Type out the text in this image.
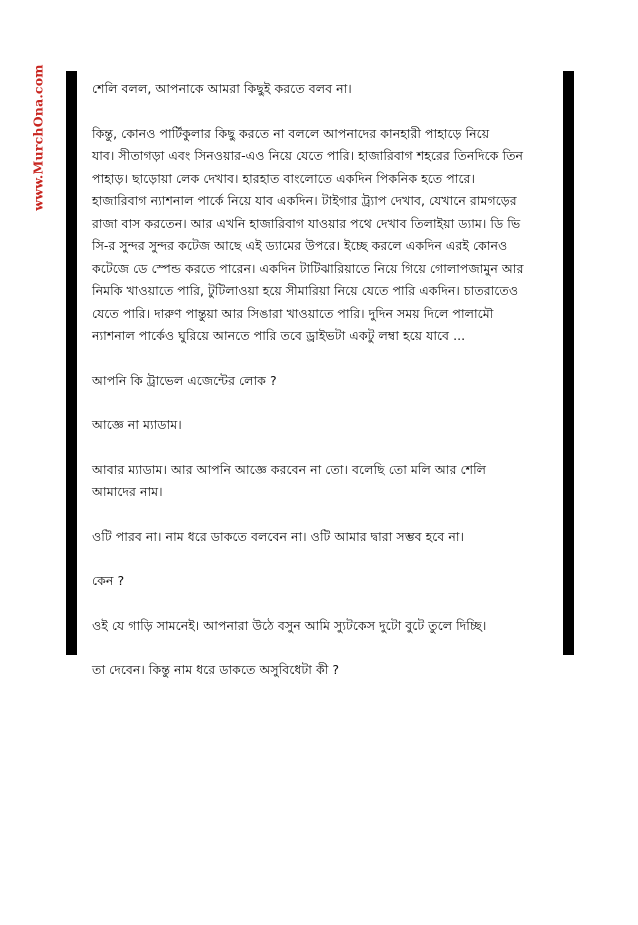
www.MurchOna.com	শেলি বলল, আপনাকে আমরা কিছুই করতে বলব না।

কিন্তু, কোনও পার্টিকুলার কিছু করতে না বললে আপনাদের কানহারী পাহাড়ে নিয়ে
যাব। সীতাগড়া এবং সিনওয়ার-এও নিয়ে যেতে পারি। হাজারিবাগ শহরের তিনদিকে তিন
পাহাড়। ছাড়োয়া লেক দেখাব। হারহাত বাংলোতে একদিন পিকনিক হতে পারে।
হাজারিবাগ ন্যাশনাল পার্কে নিয়ে যাব একদিন। টাইগার ট্র্যাপ দেখাব, যেখানে রামগড়ের
রাজা বাস করতেন। আর এখনি হাজারিবাগ যাওয়ার পথে দেখাব তিলাইয়া ড্যাম। ডি ভি
সি-র সুন্দর সুন্দর কটেজ আছে এই ড্যামের উপরে। ইচ্ছে করলে একদিন এরই কোনও
কটেজে ডে স্পেন্ড করতে পারেন। একদিন টাটিঝারিয়াতে নিয়ে গিয়ে গোলাপজামুন আর
নিমকি খাওয়াতে পারি, টুটিলাওয়া হয়ে সীমারিয়া নিয়ে যেতে পারি একদিন। চাতরাতেও
যেতে পারি। দারুণ পান্তুয়া আর সিঙারা খাওয়াতে পারি। দুদিন সময় দিলে পালামৌ
ন্যাশনাল পার্কেও ঘুরিয়ে আনতে পারি তবে ড্রাইভটা একটু লম্বা হয়ে যাবে ...

আপনি কি ট্রাভেল এজেন্টের লোক ?

আজ্ঞে না ম্যাডাম।

আবার ম্যাডাম। আর আপনি আজ্ঞে করবেন না তো। বলেছি তো মলি আর শেলি
আমাদের নাম।

ওটি পারব না। নাম ধরে ডাকতে বলবেন না। ওটি আমার দ্বারা সম্ভব হবে না।

কেন ?

ওই যে গাড়ি সামনেই। আপনারা উঠে বসুন আমি স্যুটকেস দুটো বুটে তুলে দিচ্ছি।

তা দেবেন। কিন্তু নাম ধরে ডাকতে অসুবিধেটা কী ?
